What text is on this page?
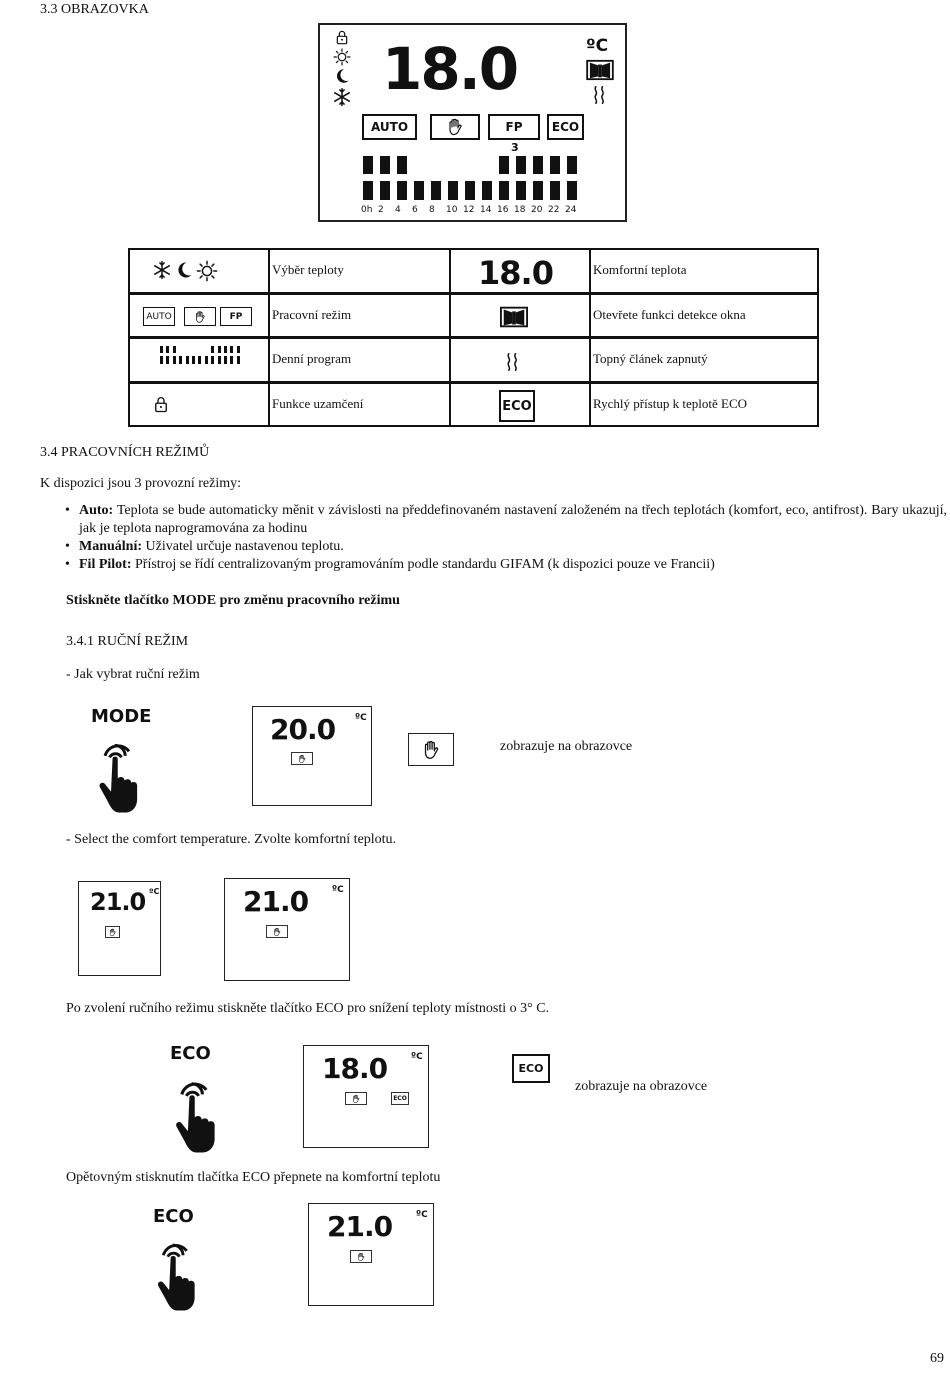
3.3 OBRAZOVKA
18.0	ºC
AUTO	FP	ECO
3
0h 2 4 6 8 10 12 14 16 18 20 22 24
Výběr teploty	18.0	Komfortní teplota
AUTO	FP	Pracovní režim	Otevřete funkci detekce okna
Denní program	Topný článek zapnutý
Funkce uzamčení	ECO	Rychlý přístup k teplotě ECO
3.4 PRACOVNÍCH REŽIMŮ
K dispozici jsou 3 provozní režimy:
• Auto: Teplota se bude automaticky měnit v závislosti na předdefinovaném nastavení založeném na třech teplotách (komfort, eco, antifrost). Bary ukazují, jak je teplota naprogramována za hodinu
• Manuální: Uživatel určuje nastavenou teplotu.
• Fil Pilot: Přístroj se řídí centralizovaným programováním podle standardu GIFAM (k dispozici pouze ve Francii)
Stiskněte tlačítko MODE pro změnu pracovního režimu
3.4.1 RUČNÍ REŽIM
- Jak vybrat ruční režim
MODE	20.0 ºC
zobrazuje na obrazovce
- Select the comfort temperature. Zvolte komfortní teplotu.
21.0 ºC	21.0	ºC
Po zvolení ručního režimu stiskněte tlačítko ECO pro snížení teploty místnosti o 3° C.
ECO	18.0	ºC
ECO
ECO
zobrazuje na obrazovce
Opětovným stisknutím tlačítka ECO přepnete na komfortní teplotu
ECO	21.0	ºC
69
